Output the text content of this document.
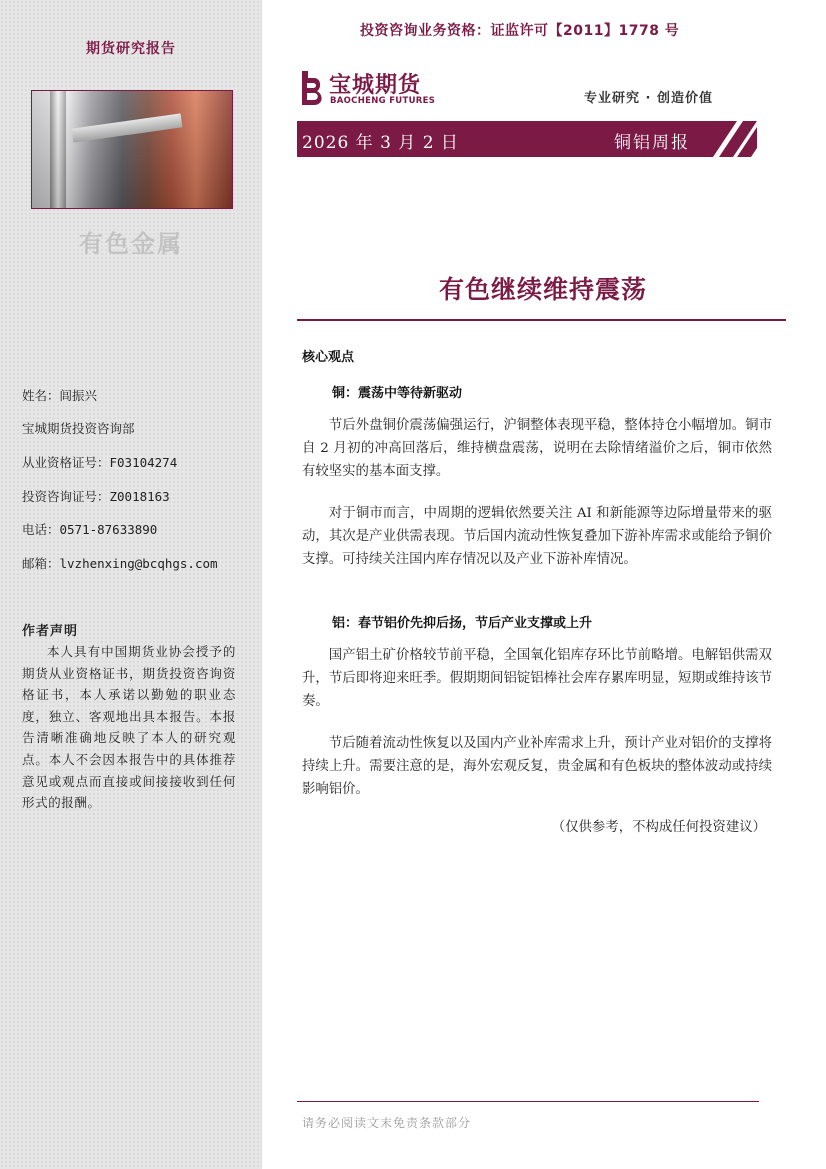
期货研究报告
有色金属
姓名：闾振兴
宝城期货投资咨询部
从业资格证号：F03104274
投资咨询证号：Z0018163
电话：0571-87633890
邮箱：lvzhenxing@bcqhgs.com
作者声明
本人具有中国期货业协会授予的期货从业资格证书，期货投资咨询资格证书，本人承诺以勤勉的职业态度，独立、客观地出具本报告。本报告清晰准确地反映了本人的研究观点。本人不会因本报告中的具体推荐意见或观点而直接或间接接收到任何形式的报酬。
投资咨询业务资格：证监许可【2011】1778 号
宝城期货
BAOCHENG FUTURES	专业研究 · 创造价值
2026 年 3 月 2 日	铜铝周报
有色继续维持震荡
核心观点
铜：震荡中等待新驱动
节后外盘铜价震荡偏强运行，沪铜整体表现平稳，整体持仓小幅增加。铜市自 2 月初的冲高回落后，维持横盘震荡，说明在去除情绪溢价之后，铜市依然有较坚实的基本面支撑。
对于铜市而言，中周期的逻辑依然要关注 AI 和新能源等边际增量带来的驱动，其次是产业供需表现。节后国内流动性恢复叠加下游补库需求或能给予铜价支撑。可持续关注国内库存情况以及产业下游补库情况。
铝：春节铝价先抑后扬，节后产业支撑或上升
国产铝土矿价格较节前平稳，全国氧化铝库存环比节前略增。电解铝供需双升，节后即将迎来旺季。假期期间铝锭铝棒社会库存累库明显，短期或维持该节奏。
节后随着流动性恢复以及国内产业补库需求上升，预计产业对铝价的支撑将持续上升。需要注意的是，海外宏观反复，贵金属和有色板块的整体波动或持续影响铝价。
（仅供参考，不构成任何投资建议）
请务必阅读文末免责条款部分
